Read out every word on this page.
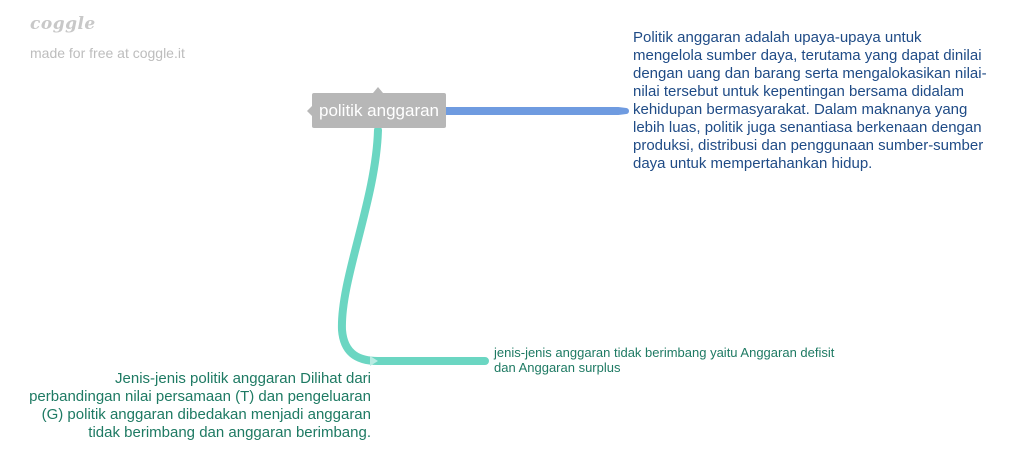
coggle
made for free at coggle.it
politik anggaran
Politik anggaran adalah upaya-upaya untuk mengelola sumber daya, terutama yang dapat dinilai dengan uang dan barang serta mengalokasikan nilai-nilai tersebut untuk kepentingan bersama didalam kehidupan bermasyarakat. Dalam maknanya yang lebih luas, politik juga senantiasa berkenaan dengan produksi, distribusi dan penggunaan sumber-sumber daya untuk mempertahankan hidup.
jenis-jenis anggaran tidak berimbang yaitu Anggaran defisit dan Anggaran surplus
Jenis-jenis politik anggaran Dilihat dari perbandingan nilai persamaan (T) dan pengeluaran (G) politik anggaran dibedakan menjadi anggaran tidak berimbang dan anggaran berimbang.
